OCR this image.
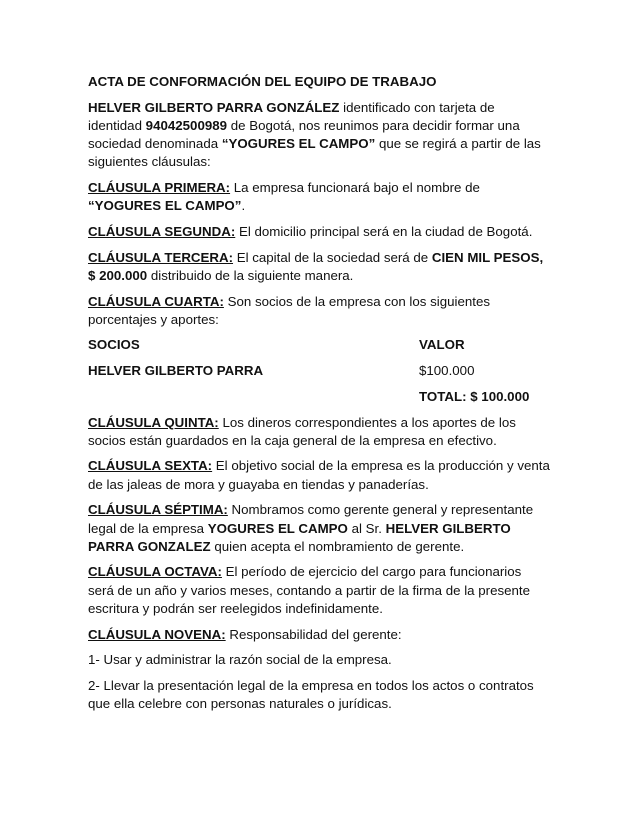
ACTA DE CONFORMACIÓN DEL EQUIPO DE TRABAJO

HELVER GILBERTO PARRA GONZÁLEZ identificado con tarjeta de identidad 94042500989 de Bogotá, nos reunimos para decidir formar una sociedad denominada “YOGURES EL CAMPO” que se regirá a partir de las siguientes cláusulas:

CLÁUSULA PRIMERA: La empresa funcionará bajo el nombre de “YOGURES EL CAMPO”.

CLÁUSULA SEGUNDA: El domicilio principal será en la ciudad de Bogotá.

CLÁUSULA TERCERA: El capital de la sociedad será de CIEN MIL PESOS, $ 200.000 distribuido de la siguiente manera.

CLÁUSULA CUARTA: Son socios de la empresa con los siguientes porcentajes y aportes:

SOCIOS	VALOR
HELVER GILBERTO PARRA	$100.000
TOTAL: $ 100.000

CLÁUSULA QUINTA: Los dineros correspondientes a los aportes de los socios están guardados en la caja general de la empresa en efectivo.

CLÁUSULA SEXTA: El objetivo social de la empresa es la producción y venta de las jaleas de mora y guayaba en tiendas y panaderías.

CLÁUSULA SÉPTIMA: Nombramos como gerente general y representante legal de la empresa YOGURES EL CAMPO al Sr. HELVER GILBERTO PARRA GONZALEZ quien acepta el nombramiento de gerente.

CLÁUSULA OCTAVA: El período de ejercicio del cargo para funcionarios será de un año y varios meses, contando a partir de la firma de la presente escritura y podrán ser reelegidos indefinidamente.

CLÁUSULA NOVENA: Responsabilidad del gerente:

1- Usar y administrar la razón social de la empresa.

2- Llevar la presentación legal de la empresa en todos los actos o contratos que ella celebre con personas naturales o jurídicas.
